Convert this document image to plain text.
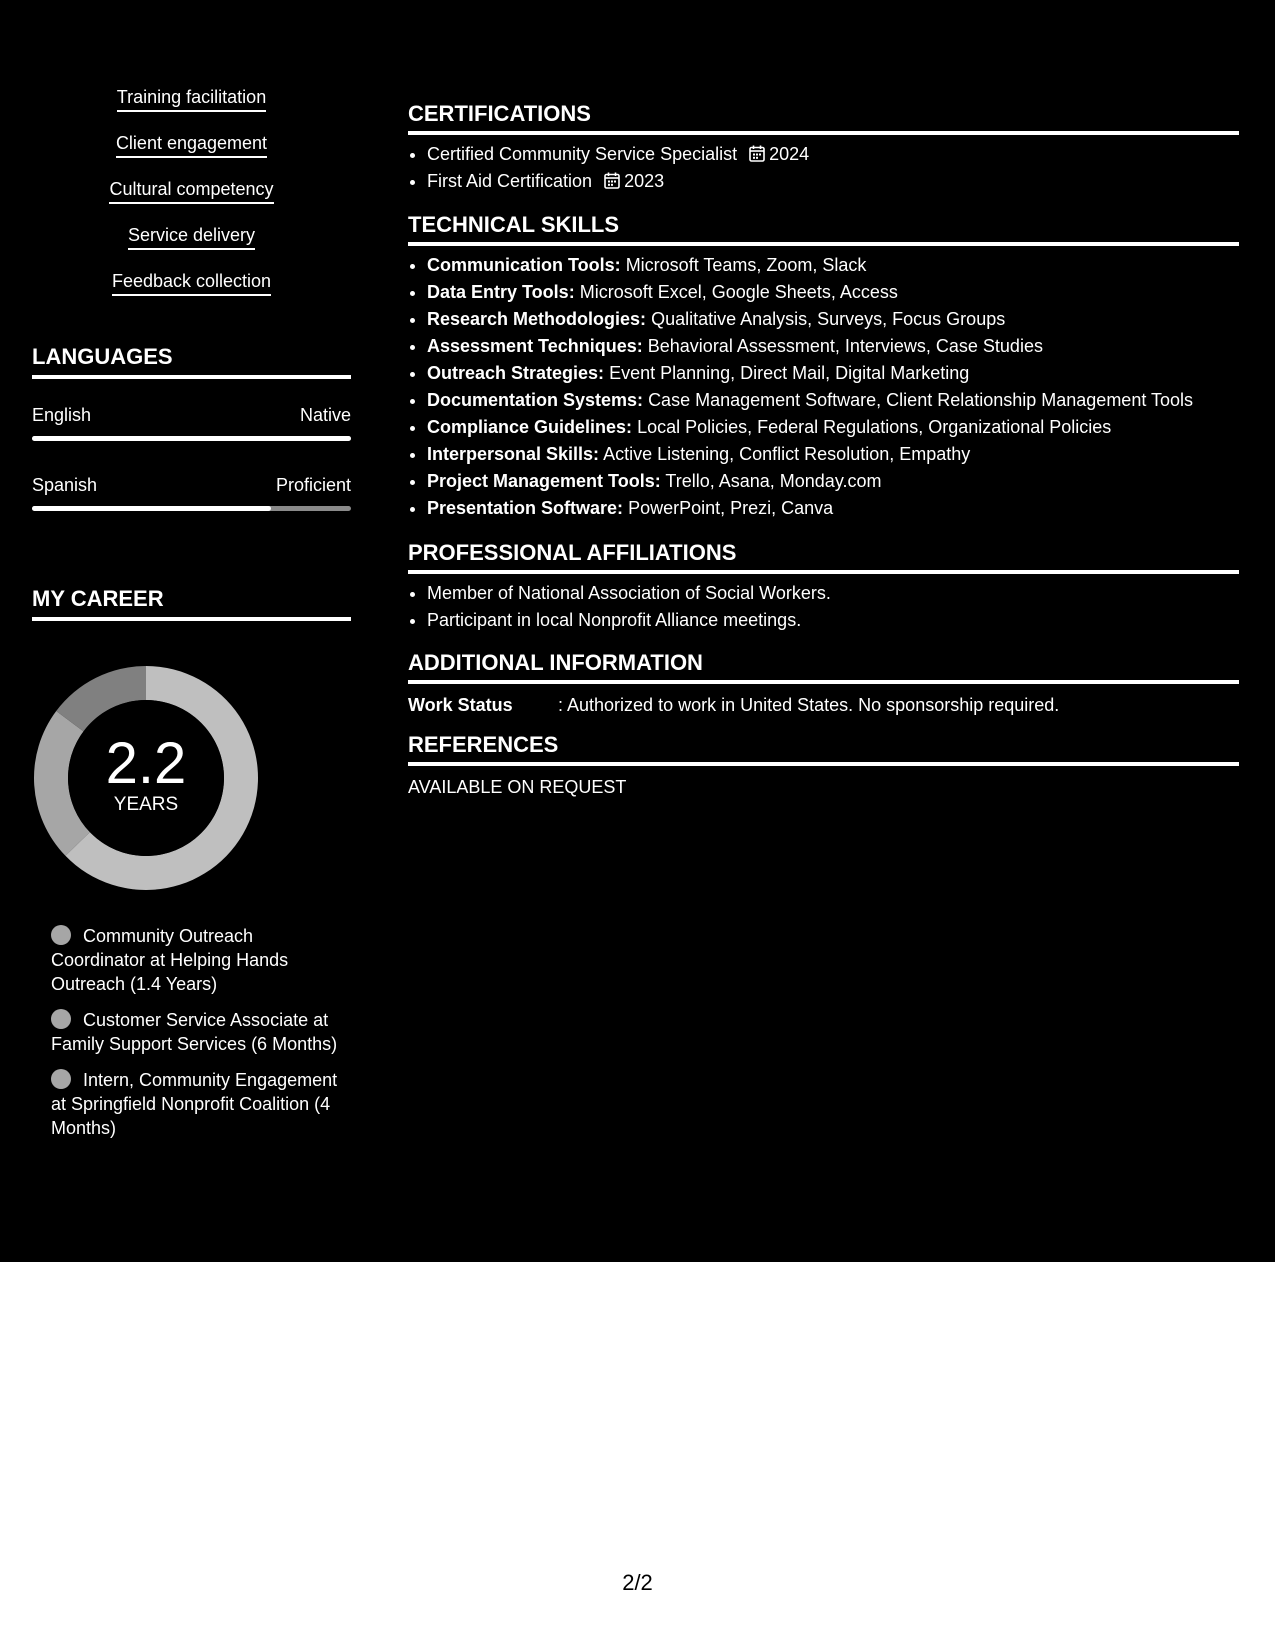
Training facilitation
Client engagement
Cultural competency
Service delivery
Feedback collection
LANGUAGES
English	Native
Spanish	Proficient
MY CAREER
2.2
YEARS
Community Outreach Coordinator at Helping Hands Outreach (1.4 Years)
Customer Service Associate at Family Support Services (6 Months)
Intern, Community Engagement at Springfield Nonprofit Coalition (4 Months)
CERTIFICATIONS
• Certified Community Service Specialist 2024
• First Aid Certification 2023
TECHNICAL SKILLS
• Communication Tools: Microsoft Teams, Zoom, Slack
• Data Entry Tools: Microsoft Excel, Google Sheets, Access
• Research Methodologies: Qualitative Analysis, Surveys, Focus Groups
• Assessment Techniques: Behavioral Assessment, Interviews, Case Studies
• Outreach Strategies: Event Planning, Direct Mail, Digital Marketing
• Documentation Systems: Case Management Software, Client Relationship Management Tools
• Compliance Guidelines: Local Policies, Federal Regulations, Organizational Policies
• Interpersonal Skills: Active Listening, Conflict Resolution, Empathy
• Project Management Tools: Trello, Asana, Monday.com
• Presentation Software: PowerPoint, Prezi, Canva
PROFESSIONAL AFFILIATIONS
• Member of National Association of Social Workers.
• Participant in local Nonprofit Alliance meetings.
ADDITIONAL INFORMATION
Work Status	: Authorized to work in United States. No sponsorship required.
REFERENCES
AVAILABLE ON REQUEST
2/2
